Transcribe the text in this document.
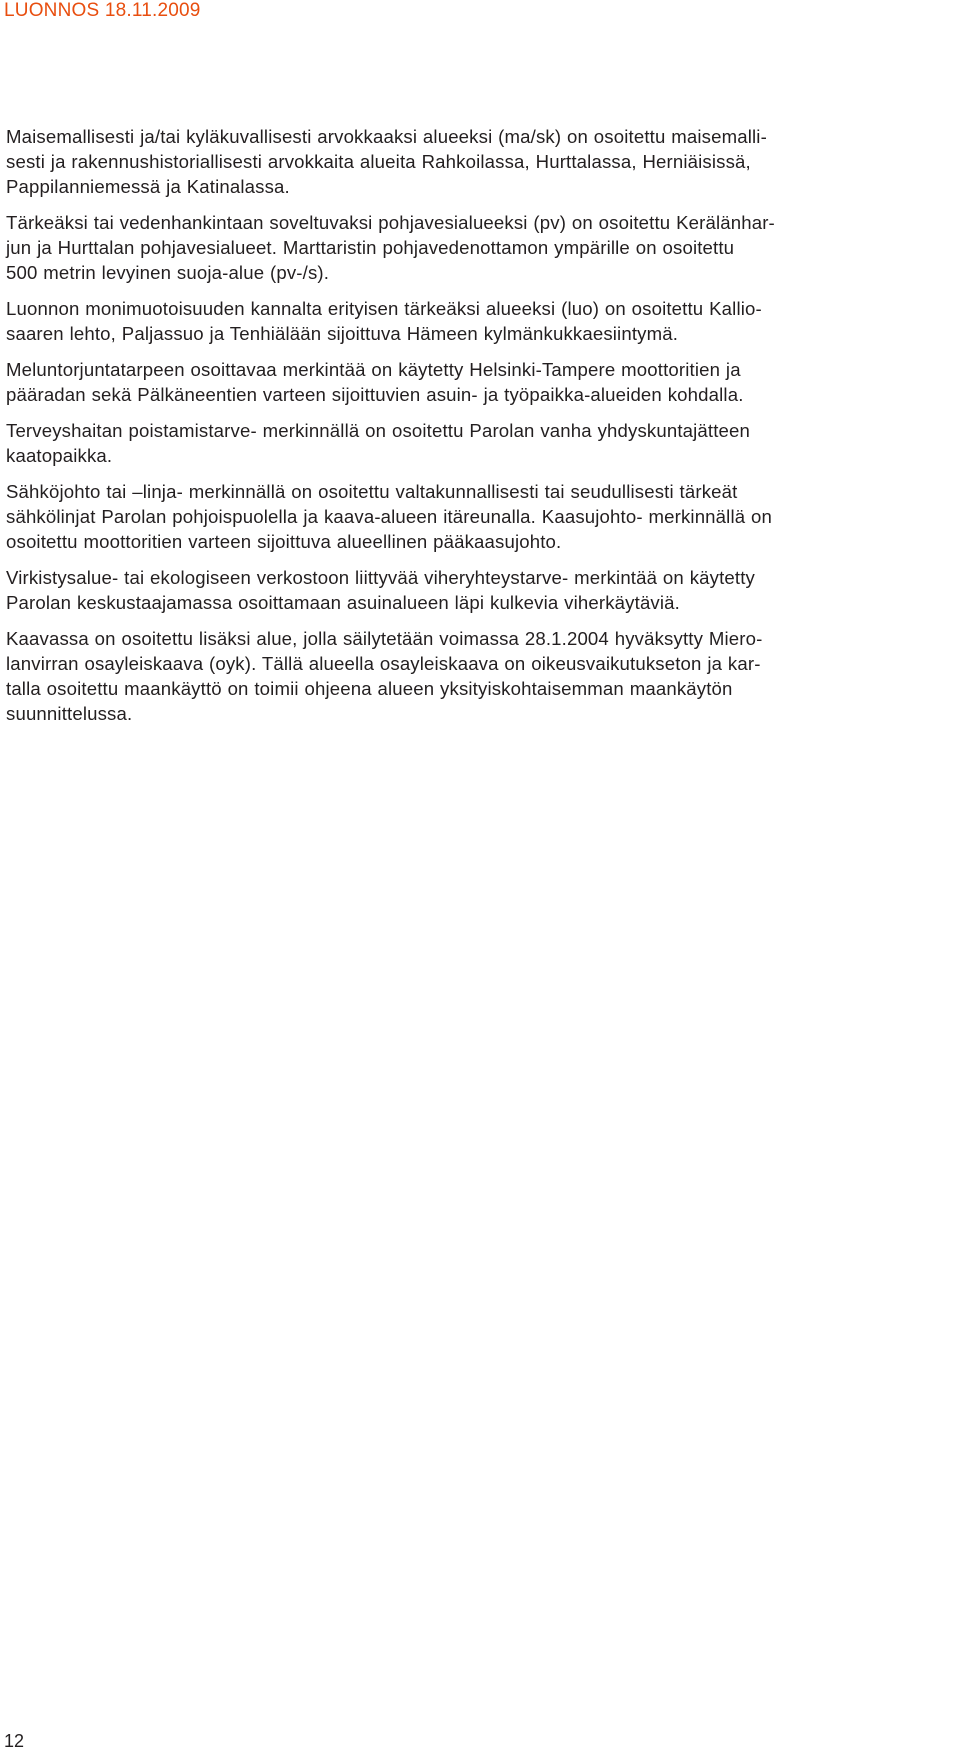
LUONNOS 18.11.2009

Maisemallisesti ja/tai kyläkuvallisesti arvokkaaksi alueeksi (ma/sk) on osoitettu maisemalli-
sesti ja rakennushistoriallisesti arvokkaita alueita Rahkoilassa, Hurttalassa, Herniäisissä,
Pappilanniemessä ja Katinalassa.

Tärkeäksi tai vedenhankintaan soveltuvaksi pohjavesialueeksi (pv) on osoitettu Kerälänhar-
jun ja Hurttalan pohjavesialueet. Marttaristin pohjavedenottamon ympärille on osoitettu
500 metrin levyinen suoja-alue (pv-/s).

Luonnon monimuotoisuuden kannalta erityisen tärkeäksi alueeksi (luo) on osoitettu Kallio-
saaren lehto, Paljassuo ja Tenhiälään sijoittuva Hämeen kylmänkukkaesiintymä.

Meluntorjuntatarpeen osoittavaa merkintää on käytetty Helsinki-Tampere moottoritien ja
pääradan sekä Pälkäneentien varteen sijoittuvien asuin- ja työpaikka-alueiden kohdalla.

Terveyshaitan poistamistarve- merkinnällä on osoitettu Parolan vanha yhdyskuntajätteen
kaatopaikka.

Sähköjohto tai –linja- merkinnällä on osoitettu valtakunnallisesti tai seudullisesti tärkeät
sähkölinjat Parolan pohjoispuolella ja kaava-alueen itäreunalla. Kaasujohto- merkinnällä on
osoitettu moottoritien varteen sijoittuva alueellinen pääkaasujohto.

Virkistysalue- tai ekologiseen verkostoon liittyvää viheryhteystarve- merkintää on käytetty
Parolan keskustaajamassa osoittamaan asuinalueen läpi kulkevia viherkäytäviä.

Kaavassa on osoitettu lisäksi alue, jolla säilytetään voimassa 28.1.2004 hyväksytty Miero-
lanvirran osayleiskaava (oyk). Tällä alueella osayleiskaava on oikeusvaikutukseton ja kar-
talla osoitettu maankäyttö on toimii ohjeena alueen yksityiskohtaisemman maankäytön
suunnittelussa.

12
